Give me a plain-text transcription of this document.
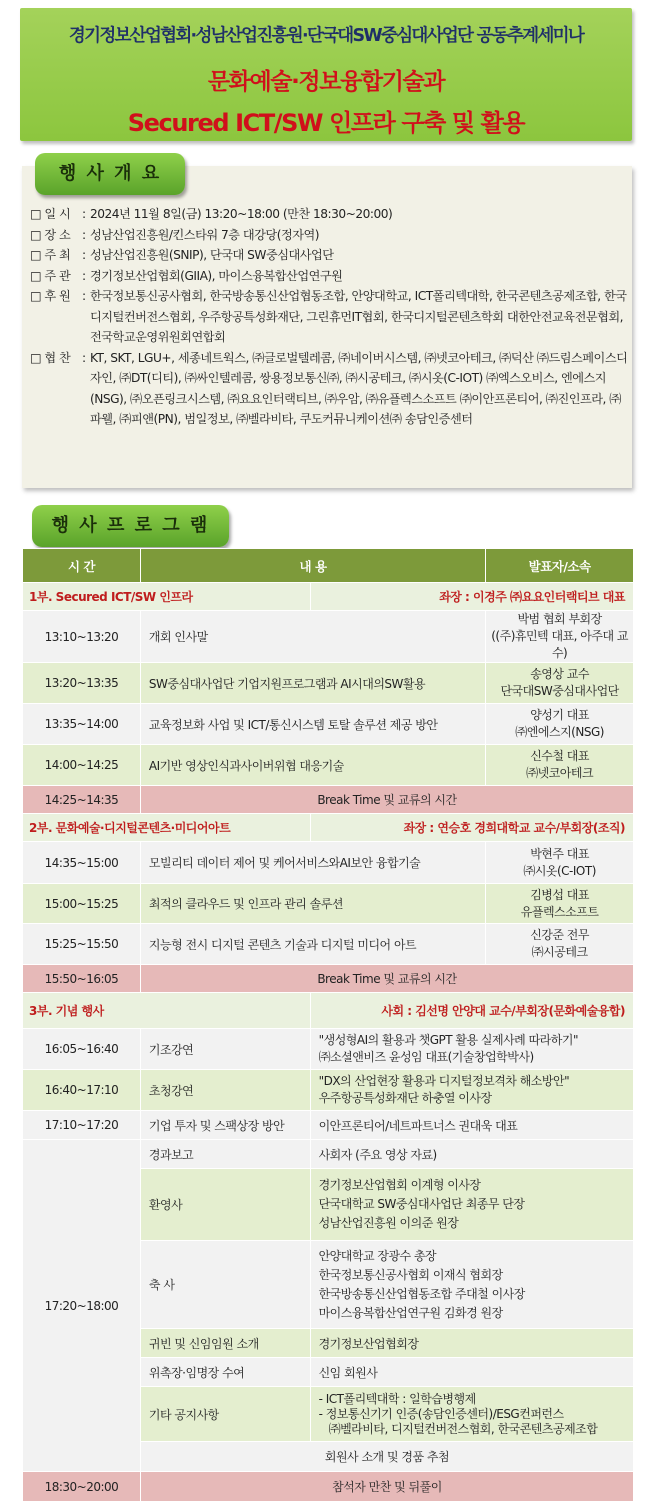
경기정보산업협회·성남산업진흥원·단국대SW중심대사업단 공동추계세미나
문화예술·정보융합기술과
Secured ICT/SW 인프라 구축 및 활용
행 사 개 요
□ 일 시 : 2024년 11월 8일(금) 13:20~18:00 (만찬 18:30~20:00)
□ 장 소 : 성남산업진흥원/킨스타워 7층 대강당(정자역)
□ 주 최 : 성남산업진흥원(SNIP), 단국대 SW중심대사업단
□ 주 관 : 경기정보산업협회(GIIA), 마이스융복합산업연구원
□ 후 원 : 한국정보통신공사협회, 한국방송통신산업협동조합, 안양대학교, ICT폴리텍대학, 한국콘텐츠공제조합, 한국디지털컨버전스협회, 우주항공특성화재단, 그린휴먼IT협회, 한국디지털콘텐츠학회 대한안전교육전문협회, 전국학교운영위원회연합회
□ 협 찬 : KT, SKT, LGU+, 세종네트웍스, ㈜글로벌텔레콤, ㈜네이버시스템, ㈜넷코아테크, ㈜덕산 ㈜드림스페이스디자인, ㈜DT(디티), ㈜싸인텔레콤, 쌍용정보통신㈜, ㈜시공테크, ㈜시옷(C-IOT) ㈜엑스오비스, 엔에스지(NSG), ㈜오픈링크시스템, ㈜요요인터랙티브, ㈜우암, ㈜유플렉스소프트 ㈜이안프론티어, ㈜진인프라, ㈜파웰, ㈜피앤(PN), 범일정보, ㈜벨라비타, 쿠도커뮤니케이션㈜ 송담인증센터
행 사 프 로 그 램
시 간	내 용		발표자/소속
1부. Secured ICT/SW 인프라		좌장 : 이경주 ㈜요요인터랙티브 대표	
13:10~13:20	개회 인사말		박범 협회 부회장
((주)휴민텍 대표, 아주대 교수)

13:20~13:35	SW중심대사업단 기업지원프로그램과 AI시대의SW활용		송영상 교수
단국대SW중심대사업단

13:35~14:00	교육정보화 사업 및 ICT/통신시스템 토탈 솔루션 제공 방안		양성기 대표
㈜엔에스지(NSG)

14:00~14:25	AI기반 영상인식과사이버위협 대응기술		신수철 대표
㈜넷코아테크

14:25~14:35	Break Time 및 교류의 시간		
2부. 문화예술·디지털콘텐츠·미디어아트		좌장 : 연승호 경희대학교 교수/부회장(조직)	
14:35~15:00	모빌리티 데이터 제어 및 케어서비스와AI보안 융합기술		박현주 대표
㈜시옷(C-IOT)

15:00~15:25	최적의 클라우드 및 인프라 관리 솔루션		김병섭 대표
유플렉스소프트

15:25~15:50	지능형 전시 디지털 콘텐츠 기술과 디지털 미디어 아트		신강준 전무
㈜시공테크

15:50~16:05	Break Time 및 교류의 시간		
3부. 기념 행사		사회 : 김선명 안양대 교수/부회장(문화예술융합)	
16:05~16:40	기조강연	"생성형AI의 활용과 챗GPT 활용 실제사례 따라하기"
㈜소셜앤비즈 윤성임 대표(기술창업학박사)	

16:40~17:10	초청강연	"DX의 산업현장 활용과 디지털정보격차 해소방안"
우주항공특성화재단 하충열 이사장	

17:10~17:20	기업 투자 및 스팩상장 방안	이안프론티어/네트파트너스 권대욱 대표	
17:20~18:00	경과보고	사회자 (주요 영상 자료)	
	환영사	경기정보산업협회 이계형 이사장
단국대학교 SW중심대사업단 최종무 단장
성남산업진흥원 이의준 원장	

	축 사	안양대학교 장광수 총장
한국정보통신공사협회 이재식 협회장
한국방송통신산업협동조합 주대철 이사장
마이스융복합산업연구원 김화경 원장	

	귀빈 및 신임임원 소개	경기정보산업협회장	
	위촉장·임명장 수여	신임 회원사	
	기타 공지사항	- ICT폴리텍대학 : 일학습병행제
- 정보통신기기 인증(송담인증센터)/ESG컨퍼런스
㈜벨라비타, 디지털컨버전스협회, 한국콘텐츠공제조합	

	회원사 소개 및 경품 추첨		
18:30~20:00	참석자 만찬 및 뒤풀이		
